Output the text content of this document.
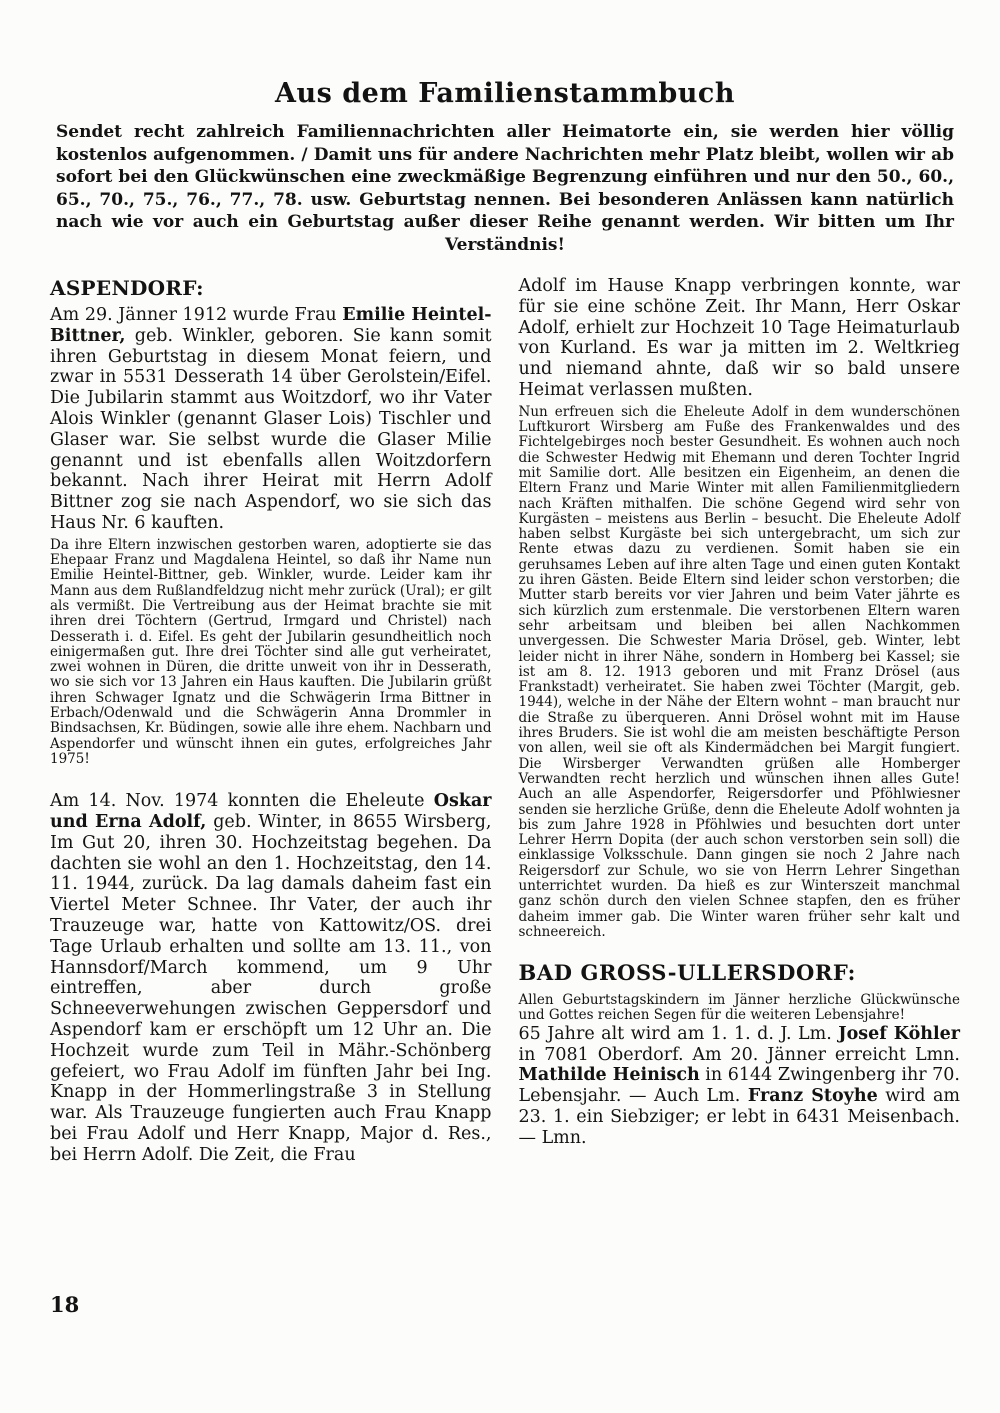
Aus dem Familienstammbuch

Sendet recht zahlreich Familiennachrichten aller Heimatorte ein, sie werden hier völlig kostenlos aufgenommen. / Damit uns für andere Nachrichten mehr Platz bleibt, wollen wir ab sofort bei den Glückwünschen eine zweckmäßige Begrenzung einführen und nur den 50., 60., 65., 70., 75., 76., 77., 78. usw. Geburtstag nennen. Bei besonderen Anlässen kann natürlich nach wie vor auch ein Geburtstag außer dieser Reihe genannt werden. Wir bitten um Ihr Verständnis!

ASPENDORF:

Am 29. Jänner 1912 wurde Frau Emilie Heintel-Bittner, geb. Winkler, geboren. Sie kann somit ihren Geburtstag in diesem Monat feiern, und zwar in 5531 Desserath 14 über Gerolstein/Eifel. Die Jubilarin stammt aus Woitzdorf, wo ihr Vater Alois Winkler (genannt Glaser Lois) Tischler und Glaser war. Sie selbst wurde die Glaser Milie genannt und ist ebenfalls allen Woitzdorfern bekannt. Nach ihrer Heirat mit Herrn Adolf Bittner zog sie nach Aspendorf, wo sie sich das Haus Nr. 6 kauften.

Da ihre Eltern inzwischen gestorben waren, adoptierte sie das Ehepaar Franz und Magdalena Heintel, so daß ihr Name nun Emilie Heintel-Bittner, geb. Winkler, wurde. Leider kam ihr Mann aus dem Rußlandfeldzug nicht mehr zurück (Ural); er gilt als vermißt. Die Vertreibung aus der Heimat brachte sie mit ihren drei Töchtern (Gertrud, Irmgard und Christel) nach Desserath i. d. Eifel. Es geht der Jubilarin gesundheitlich noch einigermaßen gut. Ihre drei Töchter sind alle gut verheiratet, zwei wohnen in Düren, die dritte unweit von ihr in Desserath, wo sie sich vor 13 Jahren ein Haus kauften. Die Jubilarin grüßt ihren Schwager Ignatz und die Schwägerin Irma Bittner in Erbach/Odenwald und die Schwägerin Anna Drommler in Bindsachsen, Kr. Büdingen, sowie alle ihre ehem. Nachbarn und Aspendorfer und wünscht ihnen ein gutes, erfolgreiches Jahr 1975!

Am 14. Nov. 1974 konnten die Eheleute Oskar und Erna Adolf, geb. Winter, in 8655 Wirsberg, Im Gut 20, ihren 30. Hochzeitstag begehen. Da dachten sie wohl an den 1. Hochzeitstag, den 14. 11. 1944, zurück. Da lag damals daheim fast ein Viertel Meter Schnee. Ihr Vater, der auch ihr Trauzeuge war, hatte von Kattowitz/OS. drei Tage Urlaub erhalten und sollte am 13. 11., von Hannsdorf/March kommend, um 9 Uhr eintreffen, aber durch große Schneeverwehungen zwischen Geppersdorf und Aspendorf kam er erschöpft um 12 Uhr an. Die Hochzeit wurde zum Teil in Mähr.-Schönberg gefeiert, wo Frau Adolf im fünften Jahr bei Ing. Knapp in der Hommerlingstraße 3 in Stellung war. Als Trauzeuge fungierten auch Frau Knapp bei Frau Adolf und Herr Knapp, Major d. Res., bei Herrn Adolf. Die Zeit, die Frau

Adolf im Hause Knapp verbringen konnte, war für sie eine schöne Zeit. Ihr Mann, Herr Oskar Adolf, erhielt zur Hochzeit 10 Tage Heimaturlaub von Kurland. Es war ja mitten im 2. Weltkrieg und niemand ahnte, daß wir so bald unsere Heimat verlassen mußten.

Nun erfreuen sich die Eheleute Adolf in dem wunderschönen Luftkurort Wirsberg am Fuße des Frankenwaldes und des Fichtelgebirges noch bester Gesundheit. Es wohnen auch noch die Schwester Hedwig mit Ehemann und deren Tochter Ingrid mit Samilie dort. Alle besitzen ein Eigenheim, an denen die Eltern Franz und Marie Winter mit allen Familienmitgliedern nach Kräften mithalfen. Die schöne Gegend wird sehr von Kurgästen – meistens aus Berlin – besucht. Die Eheleute Adolf haben selbst Kurgäste bei sich untergebracht, um sich zur Rente etwas dazu zu verdienen. Somit haben sie ein geruhsames Leben auf ihre alten Tage und einen guten Kontakt zu ihren Gästen. Beide Eltern sind leider schon verstorben; die Mutter starb bereits vor vier Jahren und beim Vater jährte es sich kürzlich zum erstenmale. Die verstorbenen Eltern waren sehr arbeitsam und bleiben bei allen Nachkommen unvergessen. Die Schwester Maria Drösel, geb. Winter, lebt leider nicht in ihrer Nähe, sondern in Homberg bei Kassel; sie ist am 8. 12. 1913 geboren und mit Franz Drösel (aus Frankstadt) verheiratet. Sie haben zwei Töchter (Margit, geb. 1944), welche in der Nähe der Eltern wohnt – man braucht nur die Straße zu überqueren. Anni Drösel wohnt mit im Hause ihres Bruders. Sie ist wohl die am meisten beschäftigte Person von allen, weil sie oft als Kindermädchen bei Margit fungiert. Die Wirsberger Verwandten grüßen alle Homberger Verwandten recht herzlich und wünschen ihnen alles Gute! Auch an alle Aspendorfer, Reigersdorfer und Pföhlwiesner senden sie herzliche Grüße, denn die Eheleute Adolf wohnten ja bis zum Jahre 1928 in Pföhlwies und besuchten dort unter Lehrer Herrn Dopita (der auch schon verstorben sein soll) die einklassige Volksschule. Dann gingen sie noch 2 Jahre nach Reigersdorf zur Schule, wo sie von Herrn Lehrer Singethan unterrichtet wurden. Da hieß es zur Winterszeit manchmal ganz schön durch den vielen Schnee stapfen, den es früher daheim immer gab. Die Winter waren früher sehr kalt und schneereich.

BAD GROSS-ULLERSDORF:

Allen Geburtstagskindern im Jänner herzliche Glückwünsche und Gottes reichen Segen für die weiteren Lebensjahre!

65 Jahre alt wird am 1. 1. d. J. Lm. Josef Köhler in 7081 Oberdorf. Am 20. Jänner erreicht Lmn. Mathilde Heinisch in 6144 Zwingenberg ihr 70. Lebensjahr. — Auch Lm. Franz Stoyhe wird am 23. 1. ein Siebziger; er lebt in 6431 Meisenbach. — Lmn.

18
